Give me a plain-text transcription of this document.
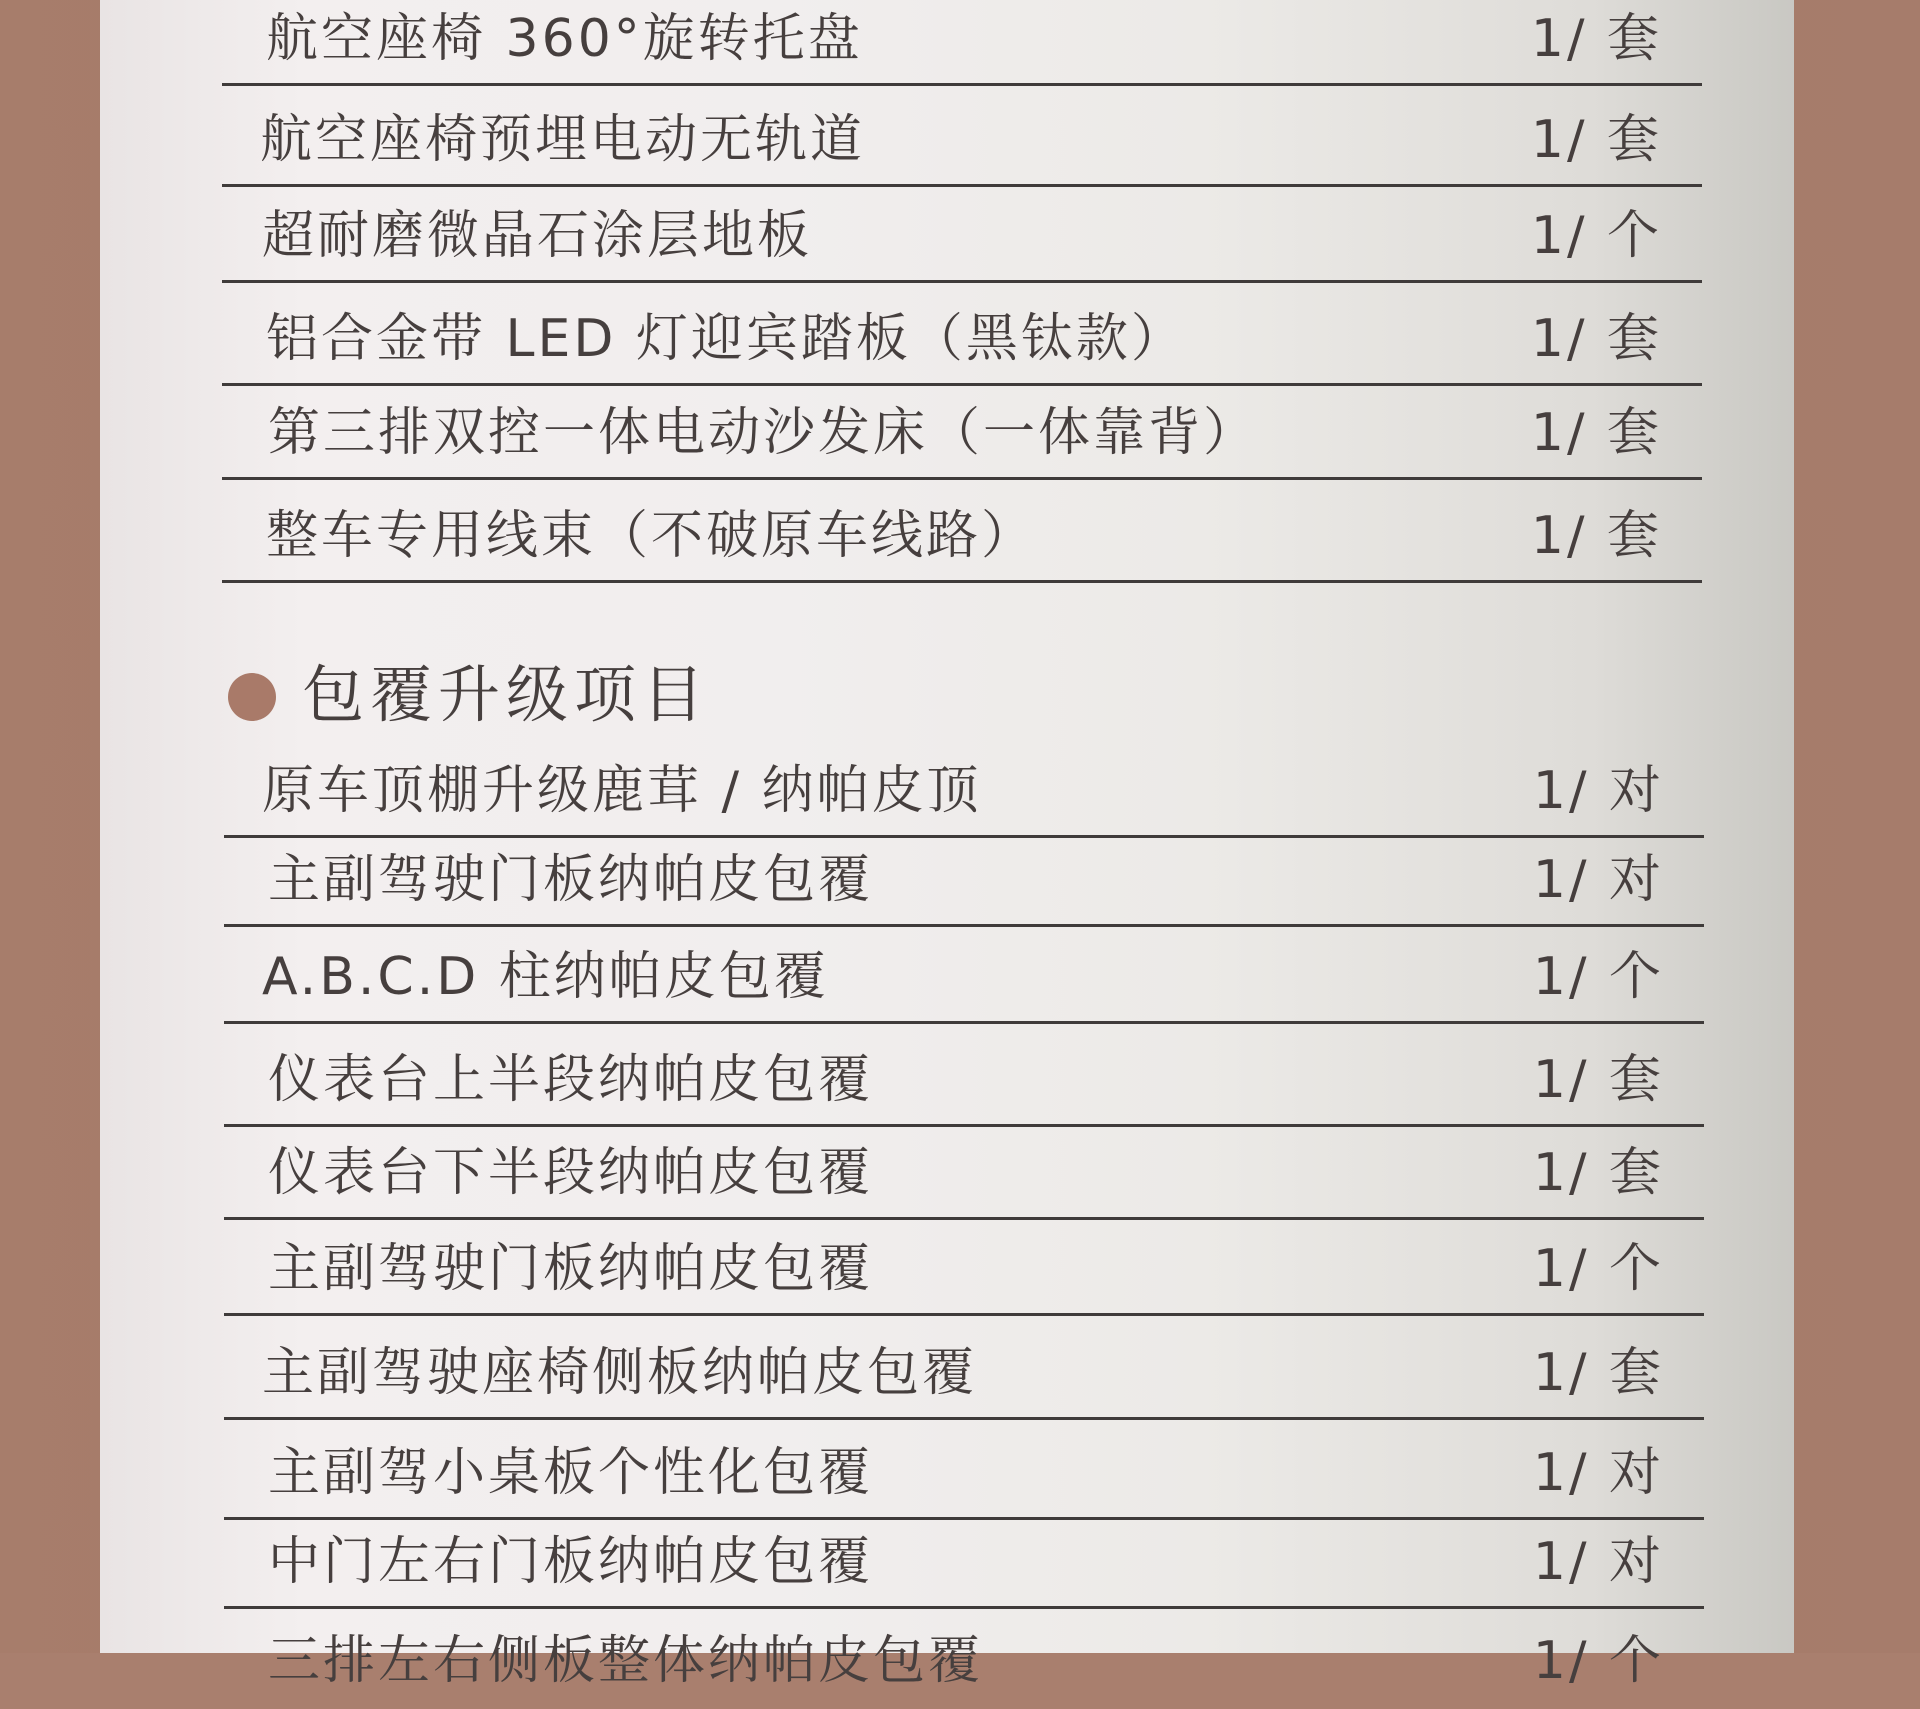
航空座椅 360°旋转托盘	1/ 套
航空座椅预埋电动无轨道	1/ 套
超耐磨微晶石涂层地板	1/ 个
铝合金带 LED 灯迎宾踏板（黑钛款）	1/ 套
第三排双控一体电动沙发床（一体靠背）	1/ 套
整车专用线束（不破原车线路）	1/ 套
包覆升级项目
原车顶棚升级鹿茸 / 纳帕皮顶	1/ 对
主副驾驶门板纳帕皮包覆	1/ 对
A.B.C.D 柱纳帕皮包覆	1/ 个
仪表台上半段纳帕皮包覆	1/ 套
仪表台下半段纳帕皮包覆	1/ 套
主副驾驶门板纳帕皮包覆	1/ 个
主副驾驶座椅侧板纳帕皮包覆	1/ 套
主副驾小桌板个性化包覆	1/ 对
中门左右门板纳帕皮包覆	1/ 对
三排左右侧板整体纳帕皮包覆	1/ 个
